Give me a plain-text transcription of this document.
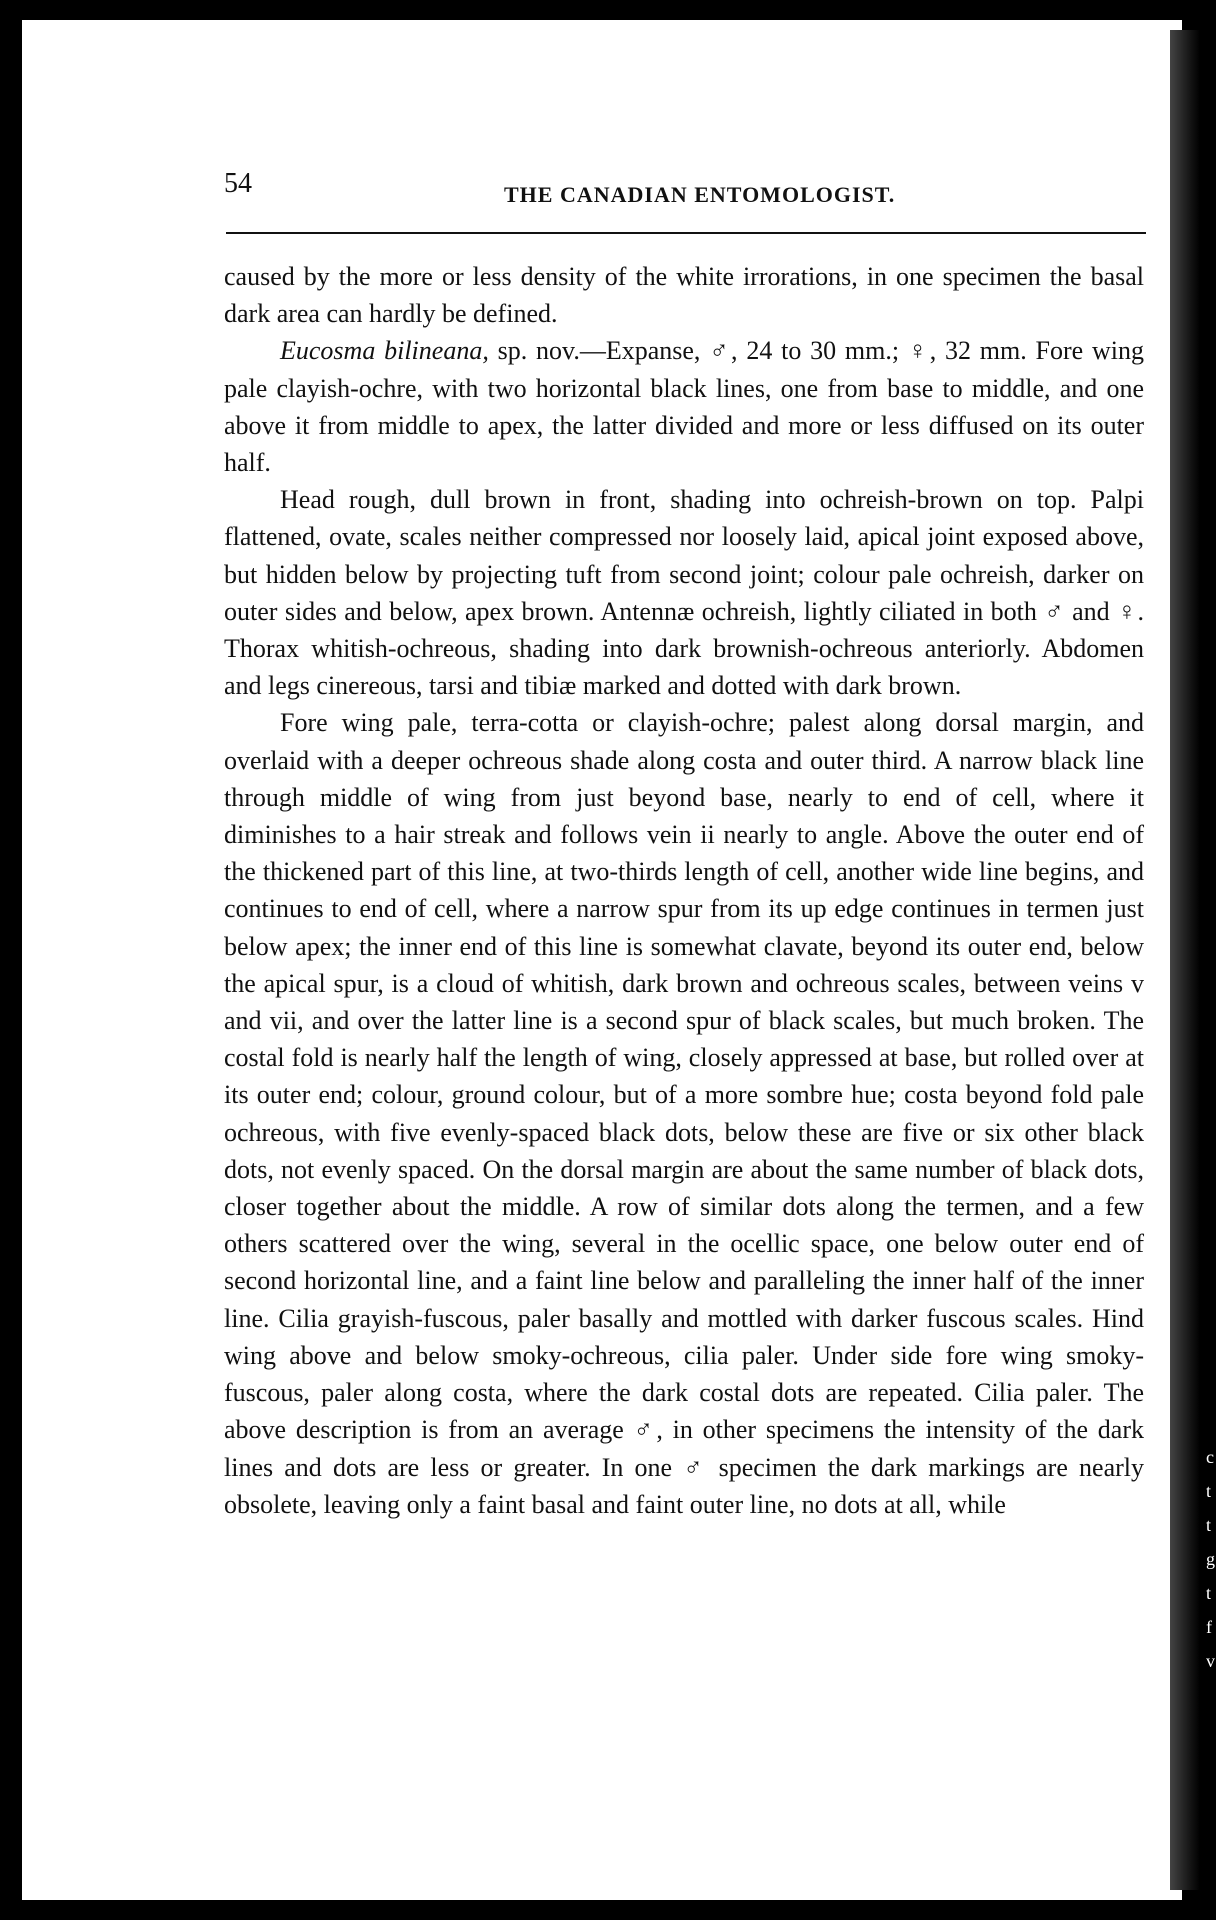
c
t
t
g
t
f
v
54	THE CANADIAN ENTOMOLOGIST.

caused by the more or less density of the white irrorations, in one specimen the basal dark area can hardly be defined.

Eucosma bilineana, sp. nov.—Expanse, ♂, 24 to 30 mm.; ♀, 32 mm. Fore wing pale clayish-ochre, with two horizontal black lines, one from base to middle, and one above it from middle to apex, the latter divided and more or less diffused on its outer half.

Head rough, dull brown in front, shading into ochreish-brown on top. Palpi flattened, ovate, scales neither compressed nor loosely laid, apical joint exposed above, but hidden below by projecting tuft from second joint; colour pale ochreish, darker on outer sides and below, apex brown. Antennæ ochreish, lightly ciliated in both ♂ and ♀. Thorax whitish-ochreous, shading into dark brownish-ochreous anteriorly. Abdomen and legs cinereous, tarsi and tibiæ marked and dotted with dark brown.

Fore wing pale, terra-cotta or clayish-ochre; palest along dorsal margin, and overlaid with a deeper ochreous shade along costa and outer third. A narrow black line through middle of wing from just beyond base, nearly to end of cell, where it diminishes to a hair streak and follows vein ii nearly to angle. Above the outer end of the thickened part of this line, at two-thirds length of cell, another wide line begins, and continues to end of cell, where a narrow spur from its up edge continues in termen just below apex; the inner end of this line is somewhat clavate, beyond its outer end, below the apical spur, is a cloud of whitish, dark brown and ochreous scales, between veins v and vii, and over the latter line is a second spur of black scales, but much broken. The costal fold is nearly half the length of wing, closely appressed at base, but rolled over at its outer end; colour, ground colour, but of a more sombre hue; costa beyond fold pale ochreous, with five evenly-spaced black dots, below these are five or six other black dots, not evenly spaced. On the dorsal margin are about the same number of black dots, closer together about the middle. A row of similar dots along the termen, and a few others scattered over the wing, several in the ocellic space, one below outer end of second horizontal line, and a faint line below and paralleling the inner half of the inner line. Cilia grayish-fuscous, paler basally and mottled with darker fuscous scales. Hind wing above and below smoky-ochreous, cilia paler. Under side fore wing smoky-fuscous, paler along costa, where the dark costal dots are repeated. Cilia paler. The above description is from an average ♂, in other specimens the intensity of the dark lines and dots are less or greater. In one ♂ specimen the dark markings are nearly obsolete, leaving only a faint basal and faint outer line, no dots at all, while
